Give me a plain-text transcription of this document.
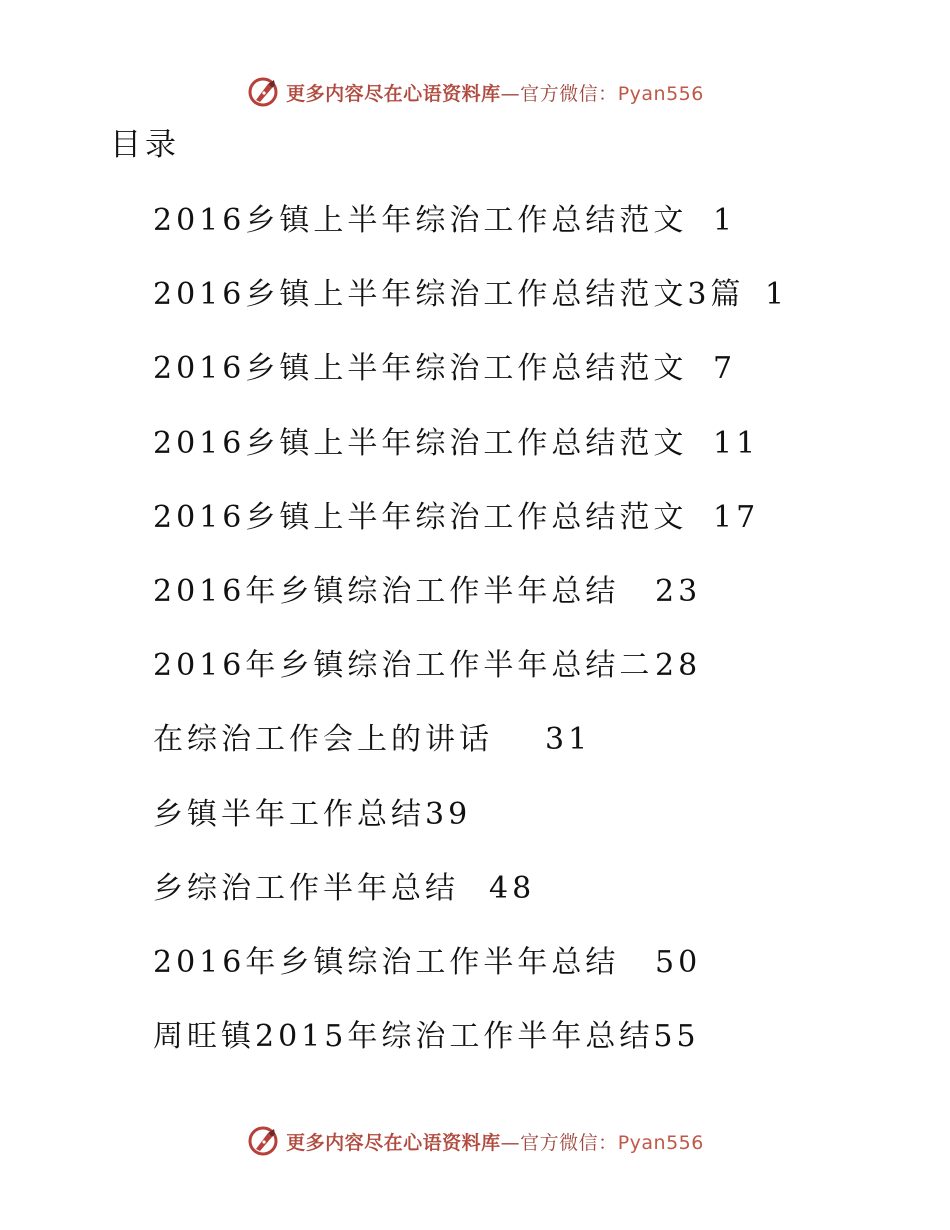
更多内容尽在心语资料库—官方微信：Pyan556
目录
2016乡镇上半年综治工作总结范文 1
2016乡镇上半年综治工作总结范文3篇 1
2016乡镇上半年综治工作总结范文 7
2016乡镇上半年综治工作总结范文 11
2016乡镇上半年综治工作总结范文 17
2016年乡镇综治工作半年总结	23
2016年乡镇综治工作半年总结二 28
在综治工作会上的讲话	31
乡镇半年工作总结 39
乡综治工作半年总结	48
2016年乡镇综治工作半年总结	50
周旺镇2015年综治工作半年总结 55
更多内容尽在心语资料库—官方微信：Pyan556
